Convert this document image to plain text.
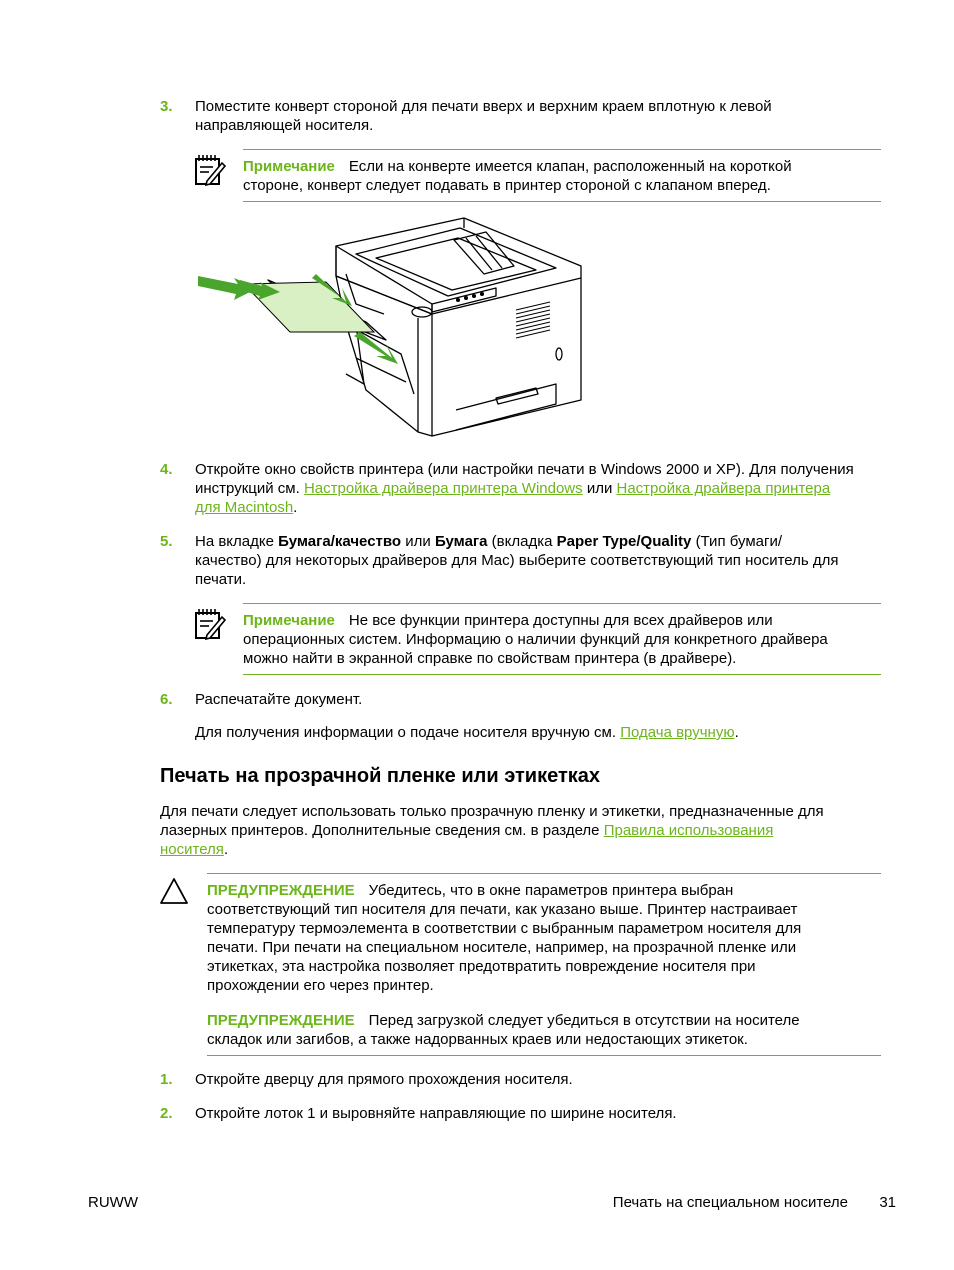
3. Поместите конверт стороной для печати вверх и верхним краем вплотную к левой
направляющей носителя.
Примечание Если на конверте имеется клапан, расположенный на короткой
стороне, конверт следует подавать в принтер стороной с клапаном вперед.
4. Откройте окно свойств принтера (или настройки печати в Windows 2000 и XP). Для получения
инструкций см. Настройка драйвера принтера Windows или Настройка драйвера принтера
для Macintosh.
5. На вкладке Бумага/качество или Бумага (вкладка Paper Type/Quality (Тип бумаги/
качество) для некоторых драйверов для Mac) выберите соответствующий тип носитель для
печати.
Примечание Не все функции принтера доступны для всех драйверов или
операционных систем. Информацию о наличии функций для конкретного драйвера
можно найти в экранной справке по свойствам принтера (в драйвере).
6. Распечатайте документ.
Для получения информации о подаче носителя вручную см. Подача вручную.
Печать на прозрачной пленке или этикетках
Для печати следует использовать только прозрачную пленку и этикетки, предназначенные для
лазерных принтеров. Дополнительные сведения см. в разделе Правила использования
носителя.
ПРЕДУПРЕЖДЕНИЕ Убедитесь, что в окне параметров принтера выбран
соответствующий тип носителя для печати, как указано выше. Принтер настраивает
температуру термоэлемента в соответствии с выбранным параметром носителя для
печати. При печати на специальном носителе, например, на прозрачной пленке или
этикетках, эта настройка позволяет предотвратить повреждение носителя при
прохождении его через принтер.
ПРЕДУПРЕЖДЕНИЕ Перед загрузкой следует убедиться в отсутствии на носителе
складок или загибов, а также надорванных краев или недостающих этикеток.
1. Откройте дверцу для прямого прохождения носителя.
2. Откройте лоток 1 и выровняйте направляющие по ширине носителя.
RUWW	Печать на специальном носителе 31
